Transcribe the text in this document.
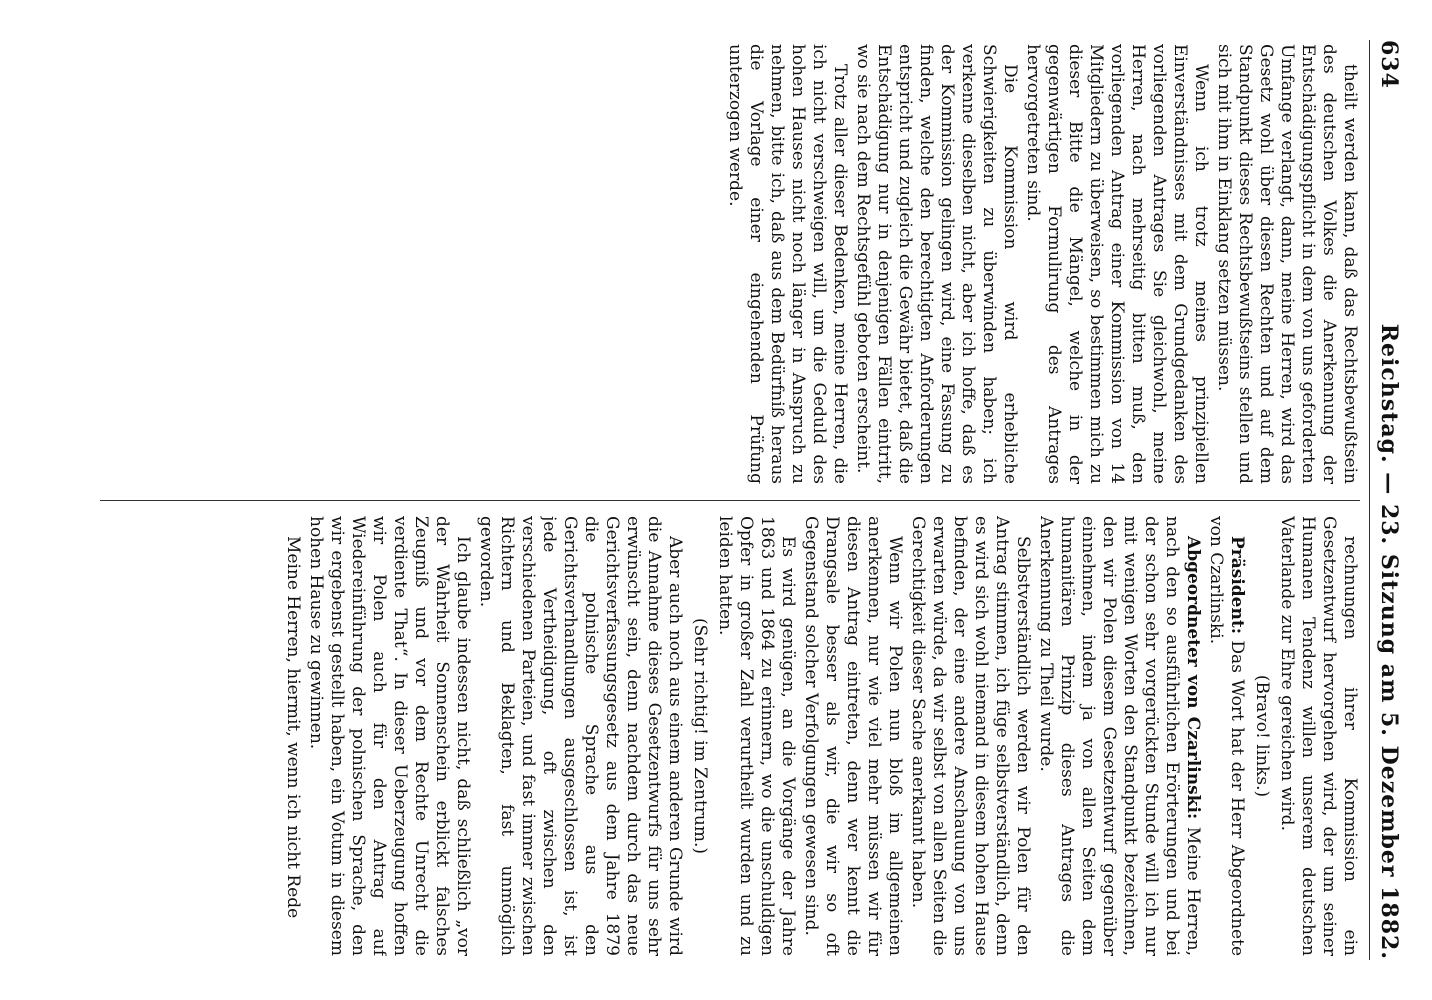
634
Reichstag. — 23. Sitzung am 5. Dezember 1882.

theilt werden kann, daß das Rechtsbewußtsein des deutschen Volkes die Anerkennung der Entschädigungspflicht in dem von uns geforderten Umfange verlangt, dann, meine Herren, wird das Gesetz wohl über diesen Rechten und auf dem Standpunkt dieses Rechtsbewußtseins stellen und sich mit ihm in Einklang setzen müssen.

Wenn ich trotz meines prinzipiellen Einverständnisses mit dem Grundgedanken des vorliegenden Antrages Sie gleichwohl, meine Herren, nach mehrseitig bitten muß, den vorliegenden Antrag einer Kommission von 14 Mitgliedern zu überweisen, so bestimmen mich zu dieser Bitte die Mängel, welche in der gegenwärtigen Formulirung des Antrages hervorgetreten sind.

Die Kommission wird erhebliche Schwierigkeiten zu überwinden haben; ich verkenne dieselben nicht, aber ich hoffe, daß es der Kommission gelingen wird, eine Fassung zu finden, welche den berechtigten Anforderungen entspricht und zugleich die Gewähr bietet, daß die Entschädigung nur in denjenigen Fällen eintritt, wo sie nach dem Rechtsgefühl geboten erscheint.

Trotz aller dieser Bedenken, meine Herren, die ich nicht verschweigen will, um die Geduld des hohen Hauses nicht noch länger in Anspruch zu nehmen, bitte ich, daß aus dem Bedürfniß heraus die Vorlage einer eingehenden Prüfung unterzogen werde.

rechnungen ihrer Kommission ein Gesetzentwurf hervorgehen wird, der um seiner Humanen Tendenz willen unserem deutschen Vaterlande zur Ehre gereichen wird.

(Bravo! links.)

Präsident: Das Wort hat der Herr Abgeordnete von Czarlinski.

Abgeordneter von Czarlinski: Meine Herren, nach den so ausführlichen Erörterungen und bei der schon sehr vorgerückten Stunde will ich nur mit wenigen Worten den Standpunkt bezeichnen, den wir Polen diesem Gesetzentwurf gegenüber einnehmen, indem ja von allen Seiten dem humanitären Prinzip dieses Antrages die Anerkennung zu Theil wurde.

Selbstverständlich werden wir Polen für den Antrag stimmen, ich füge selbstverständlich, denn es wird sich wohl niemand in diesem hohen Hause befinden, der eine andere Anschauung von uns erwarten würde, da wir selbst von allen Seiten die Gerechtigkeit dieser Sache anerkannt haben.

Wenn wir Polen nun bloß im allgemeinen anerkennen, nur wie viel mehr müssen wir für diesen Antrag eintreten, denn wer kennt die Drangsale besser als wir, die wir so oft Gegenstand solcher Verfolgungen gewesen sind.

Es wird genügen, an die Vorgänge der Jahre 1863 und 1864 zu erinnern, wo die unschuldigen Opfer in großer Zahl verurtheilt wurden und zu leiden hatten.

(Sehr richtig! im Zentrum.)

Aber auch noch aus einem anderen Grunde wird die Annahme dieses Gesetzentwurfs für uns sehr erwünscht sein, denn nachdem durch das neue Gerichtsverfassungsgesetz aus dem Jahre 1879 die polnische Sprache aus den Gerichtsverhandlungen ausgeschlossen ist, ist jede Vertheidigung, oft zwischen den verschiedenen Parteien, und fast immer zwischen Richtern und Beklagten, fast unmöglich geworden.

Ich glaube indessen nicht, daß schließlich „vor der Wahrheit Sonnenschein erblickt falsches Zeugniß und vor dem Rechte Unrecht die verdiente That“. In dieser Ueberzeugung hoffen wir Polen auch für den Antrag auf Wiedereinführung der polnischen Sprache, den wir ergebenst gestellt haben, ein Votum in diesem hohen Hause zu gewinnen.

Meine Herren, hiermit, wenn ich nicht Rede
